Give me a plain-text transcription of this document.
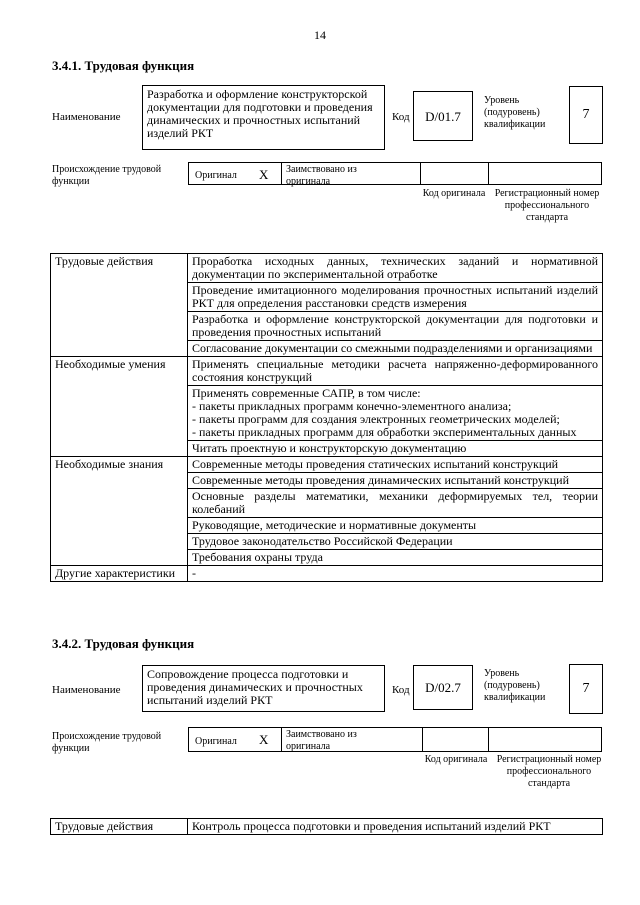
14
3.4.1. Трудовая функция
Наименование
Разработка и оформление конструкторской документации для подготовки и проведения динамических и прочностных испытаний изделий РКТ
Код D/01.7
Уровень (подуровень) квалификации
7
Происхождение трудовой функции
Оригинал X Заимствовано из оригинала
Код оригинала Регистрационный номер профессионального стандарта
Трудовые действия	Проработка исходных данных, технических заданий и нормативной документации по экспериментальной отработке
	Проведение имитационного моделирования прочностных испытаний изделий РКТ для определения расстановки средств измерения
	Разработка и оформление конструкторской документации для подготовки и проведения прочностных испытаний
	Согласование документации со смежными подразделениями и организациями
Необходимые умения	Применять специальные методики расчета напряженно-деформированного состояния конструкций
	Применять современные САПР, в том числе:
- пакеты прикладных программ конечно-элементного анализа;
- пакеты программ для создания электронных геометрических моделей;
- пакеты прикладных программ для обработки экспериментальных данных
	Читать проектную и конструкторскую документацию
Необходимые знания	Современные методы проведения статических испытаний конструкций
	Современные методы проведения динамических испытаний конструкций
	Основные разделы математики, механики деформируемых тел, теории колебаний
	Руководящие, методические и нормативные документы
	Трудовое законодательство Российской Федерации
	Требования охраны труда
Другие характеристики	-
3.4.2. Трудовая функция
Наименование
Сопровождение процесса подготовки и проведения динамических и прочностных испытаний изделий РКТ
Код D/02.7
Уровень (подуровень) квалификации
7
Происхождение трудовой функции
Оригинал X Заимствовано из оригинала
Код оригинала Регистрационный номер профессионального стандарта
Трудовые действия	Контроль процесса подготовки и проведения испытаний изделий РКТ
